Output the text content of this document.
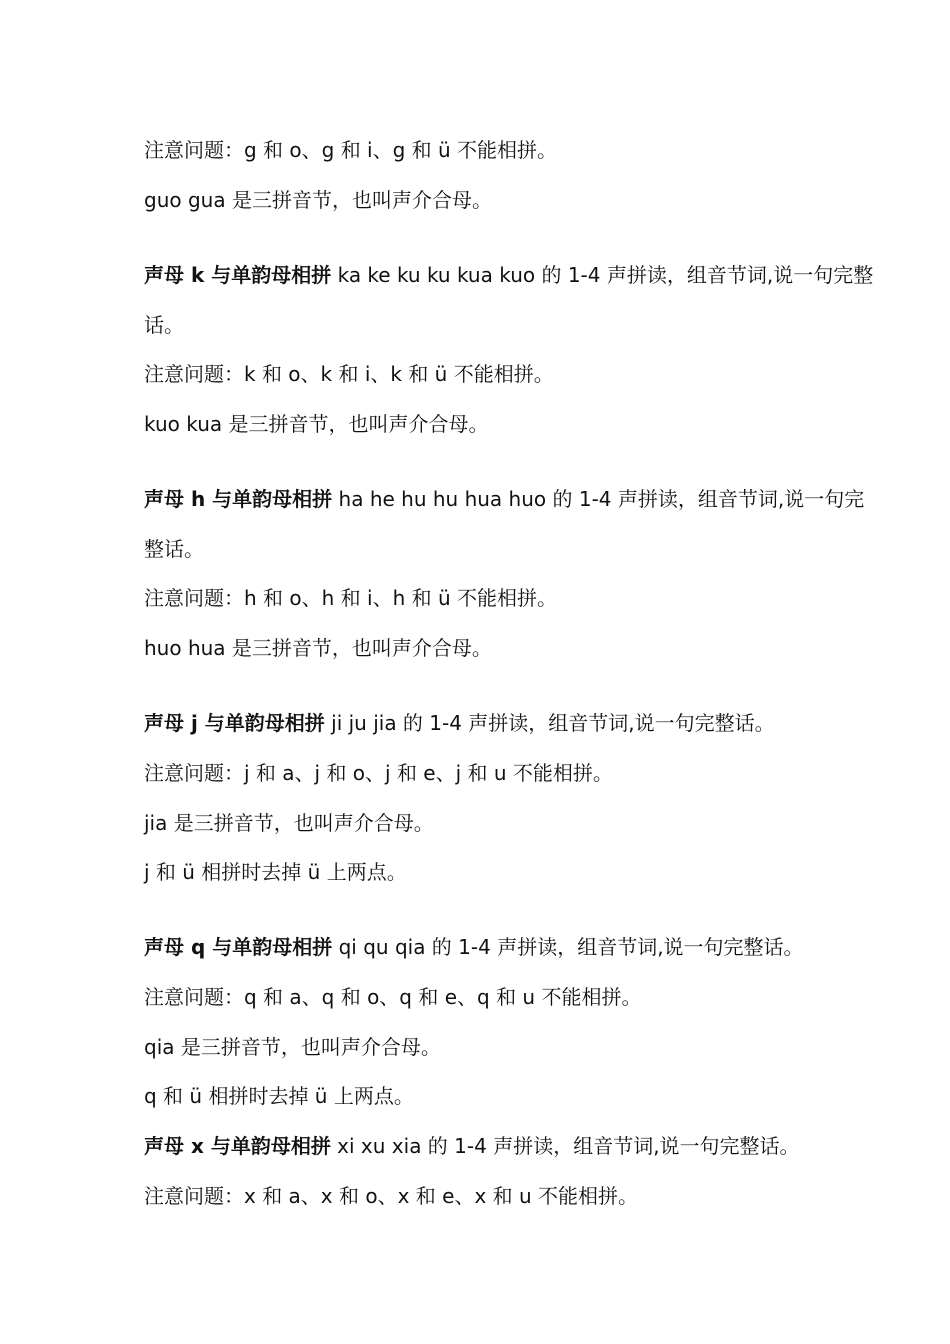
注意问题：g 和 o、g 和 i、g 和 ü 不能相拼。

guo gua 是三拼音节，也叫声介合母。

声母 k 与单韵母相拼 ka ke ku ku kua kuo 的 1-4 声拼读，组音节词,说一句完整话。

注意问题：k 和 o、k 和 i、k 和 ü 不能相拼。

kuo kua 是三拼音节，也叫声介合母。

声母 h 与单韵母相拼 ha he hu hu hua huo 的 1-4 声拼读，组音节词,说一句完整话。

注意问题：h 和 o、h 和 i、h 和 ü 不能相拼。

huo hua 是三拼音节，也叫声介合母。

声母 j 与单韵母相拼 ji ju jia 的 1-4 声拼读，组音节词,说一句完整话。

注意问题：j 和 a、j 和 o、j 和 e、j 和 u 不能相拼。

jia 是三拼音节，也叫声介合母。

j 和 ü 相拼时去掉 ü 上两点。

声母 q 与单韵母相拼 qi qu qia 的 1-4 声拼读，组音节词,说一句完整话。

注意问题：q 和 a、q 和 o、q 和 e、q 和 u 不能相拼。

qia 是三拼音节，也叫声介合母。

q 和 ü 相拼时去掉 ü 上两点。

声母 x 与单韵母相拼 xi xu xia 的 1-4 声拼读，组音节词,说一句完整话。

注意问题：x 和 a、x 和 o、x 和 e、x 和 u 不能相拼。
